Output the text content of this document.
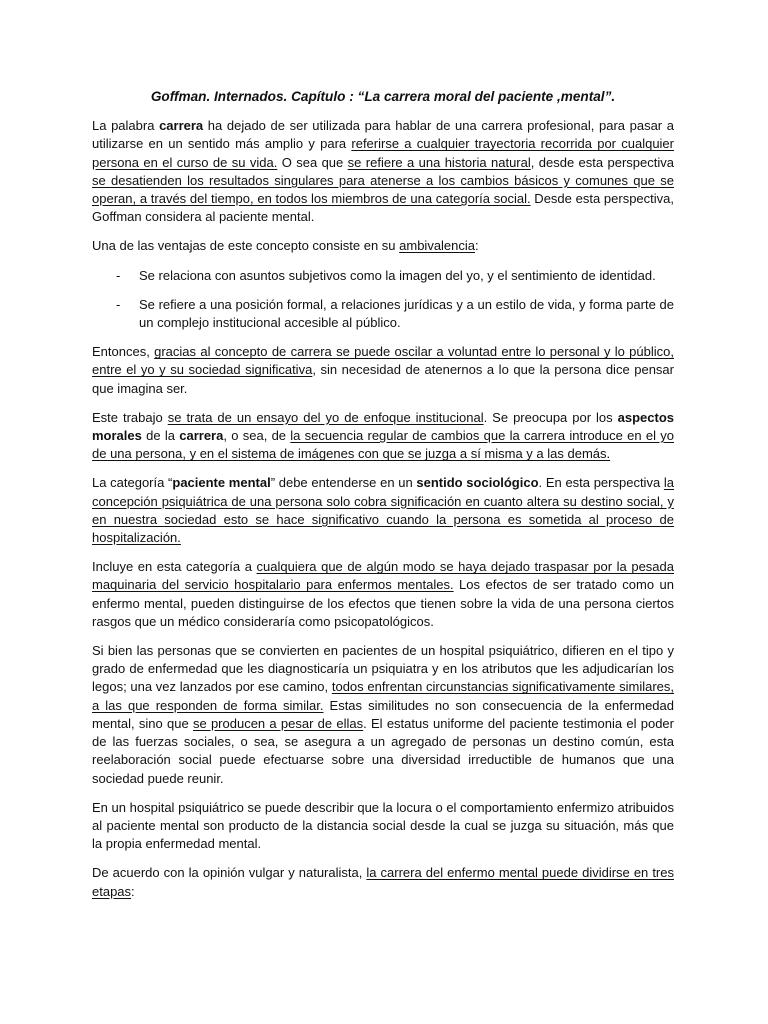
Goffman. Internados. Capítulo : “La carrera moral del paciente ,mental”.

La palabra carrera ha dejado de ser utilizada para hablar de una carrera profesional, para pasar a utilizarse en un sentido más amplio y para referirse a cualquier trayectoria recorrida por cualquier persona en el curso de su vida. O sea que se refiere a una historia natural, desde esta perspectiva se desatienden los resultados singulares para atenerse a los cambios básicos y comunes que se operan, a través del tiempo, en todos los miembros de una categoría social. Desde esta perspectiva, Goffman considera al paciente mental.

Una de las ventajas de este concepto consiste en su ambivalencia:

- Se relaciona con asuntos subjetivos como la imagen del yo, y el sentimiento de identidad.
- Se refiere a una posición formal, a relaciones jurídicas y a un estilo de vida, y forma parte de un complejo institucional accesible al público.

Entonces, gracias al concepto de carrera se puede oscilar a voluntad entre lo personal y lo público, entre el yo y su sociedad significativa, sin necesidad de atenernos a lo que la persona dice pensar que imagina ser.

Este trabajo se trata de un ensayo del yo de enfoque institucional. Se preocupa por los aspectos morales de la carrera, o sea, de la secuencia regular de cambios que la carrera introduce en el yo de una persona, y en el sistema de imágenes con que se juzga a sí misma y a las demás.

La categoría “paciente mental” debe entenderse en un sentido sociológico. En esta perspectiva la concepción psiquiátrica de una persona solo cobra significación en cuanto altera su destino social, y en nuestra sociedad esto se hace significativo cuando la persona es sometida al proceso de hospitalización.

Incluye en esta categoría a cualquiera que de algún modo se haya dejado traspasar por la pesada maquinaria del servicio hospitalario para enfermos mentales. Los efectos de ser tratado como un enfermo mental, pueden distinguirse de los efectos que tienen sobre la vida de una persona ciertos rasgos que un médico consideraría como psicopatológicos.

Si bien las personas que se convierten en pacientes de un hospital psiquiátrico, difieren en el tipo y grado de enfermedad que les diagnosticaría un psiquiatra y en los atributos que les adjudicarían los legos; una vez lanzados por ese camino, todos enfrentan circunstancias significativamente similares, a las que responden de forma similar. Estas similitudes no son consecuencia de la enfermedad mental, sino que se producen a pesar de ellas. El estatus uniforme del paciente testimonia el poder de las fuerzas sociales, o sea, se asegura a un agregado de personas un destino común, esta reelaboración social puede efectuarse sobre una diversidad irreductible de humanos que una sociedad puede reunir.

En un hospital psiquiátrico se puede describir que la locura o el comportamiento enfermizo atribuidos al paciente mental son producto de la distancia social desde la cual se juzga su situación, más que la propia enfermedad mental.

De acuerdo con la opinión vulgar y naturalista, la carrera del enfermo mental puede dividirse en tres etapas:
